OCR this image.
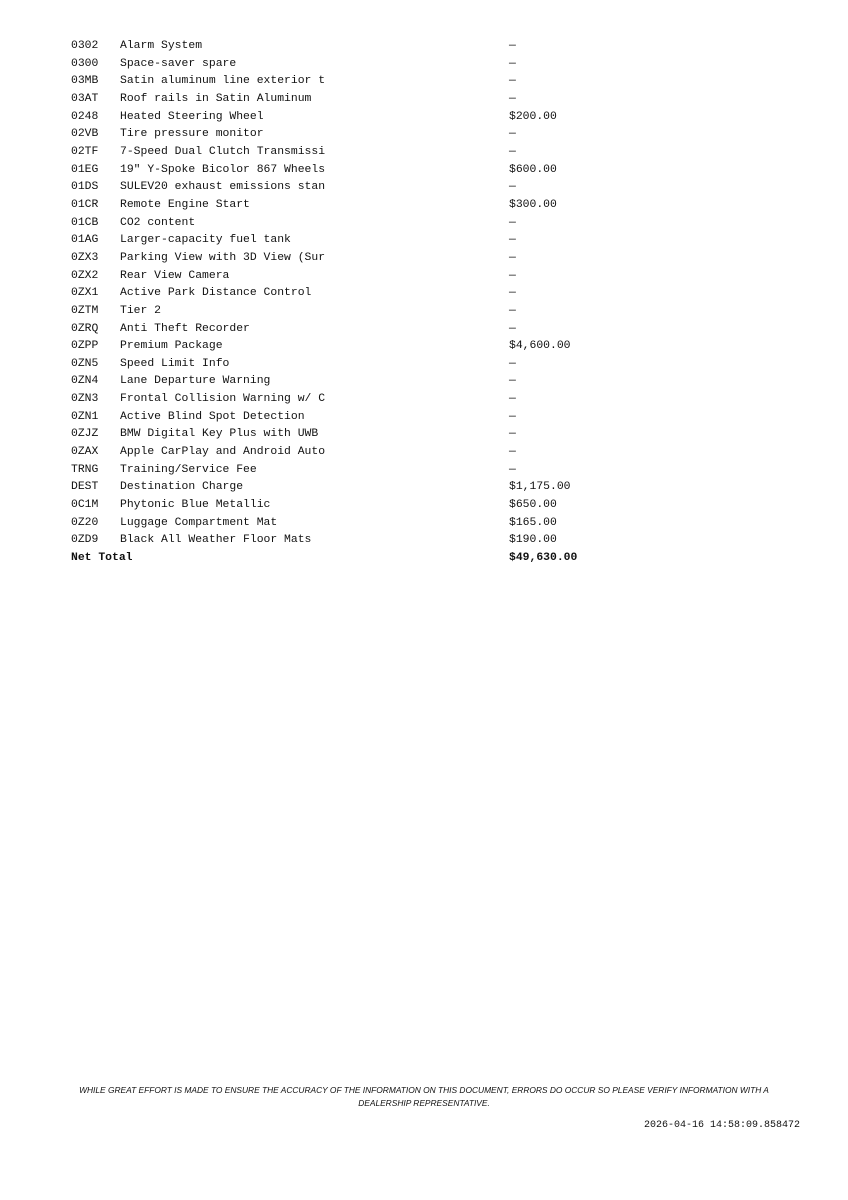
0302	Alarm System	—
0300	Space-saver spare	—
03MB	Satin aluminum line exterior t	—
03AT	Roof rails in Satin Aluminum	—
0248	Heated Steering Wheel	$200.00
02VB	Tire pressure monitor	—
02TF	7-Speed Dual Clutch Transmissi	—
01EG	19" Y-Spoke Bicolor 867 Wheels	$600.00
01DS	SULEV20 exhaust emissions stan	—
01CR	Remote Engine Start	$300.00
01CB	CO2 content	—
01AG	Larger-capacity fuel tank	—
0ZX3	Parking View with 3D View (Sur	—
0ZX2	Rear View Camera	—
0ZX1	Active Park Distance Control	—
0ZTM	Tier 2	—
0ZRQ	Anti Theft Recorder	—
0ZPP	Premium Package	$4,600.00
0ZN5	Speed Limit Info	—
0ZN4	Lane Departure Warning	—
0ZN3	Frontal Collision Warning w/ C	—
0ZN1	Active Blind Spot Detection	—
0ZJZ	BMW Digital Key Plus with UWB	—
0ZAX	Apple CarPlay and Android Auto	—
TRNG	Training/Service Fee	—
DEST	Destination Charge	$1,175.00
0C1M	Phytonic Blue Metallic	$650.00
0Z20	Luggage Compartment Mat	$165.00
0ZD9	Black All Weather Floor Mats	$190.00
Net Total		$49,630.00
WHILE GREAT EFFORT IS MADE TO ENSURE THE ACCURACY OF THE INFORMATION ON THIS DOCUMENT, ERRORS DO OCCUR SO PLEASE VERIFY INFORMATION WITH A DEALERSHIP REPRESENTATIVE.
2026-04-16 14:58:09.858472
